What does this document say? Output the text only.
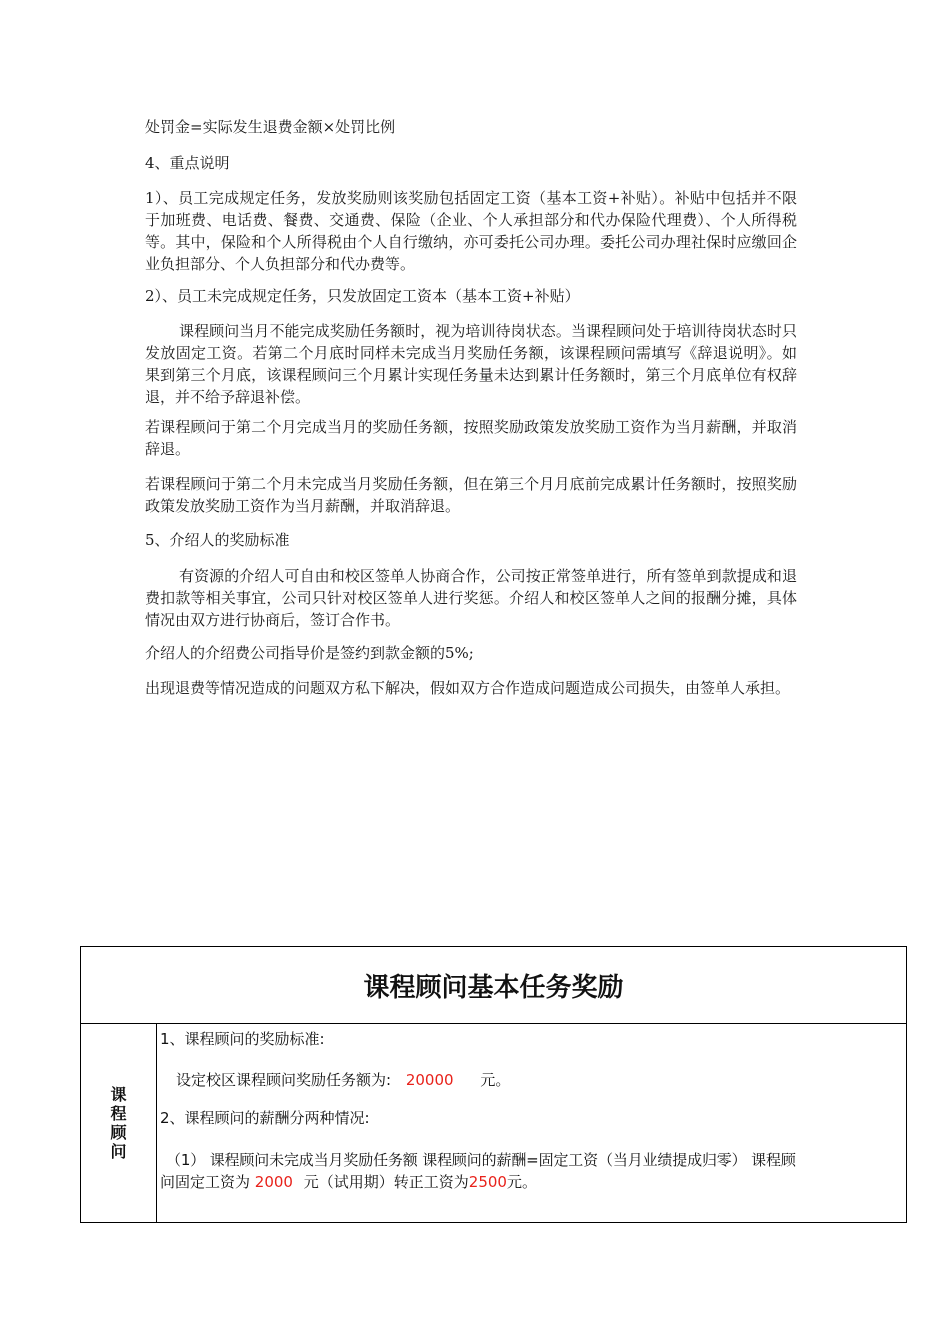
处罚金=实际发生退费金额×处罚比例

4、重点说明

1）、员工完成规定任务，发放奖励则该奖励包括固定工资（基本工资+补贴）。补贴中包括并不限于加班费、电话费、餐费、交通费、保险（企业、个人承担部分和代办保险代理费）、个人所得税等。其中，保险和个人所得税由个人自行缴纳，亦可委托公司办理。委托公司办理社保时应缴回企业负担部分、个人负担部分和代办费等。

2）、员工未完成规定任务，只发放固定工资本（基本工资+补贴）

课程顾问当月不能完成奖励任务额时，视为培训待岗状态。当课程顾问处于培训待岗状态时只发放固定工资。若第二个月底时同样未完成当月奖励任务额，该课程顾问需填写《辞退说明》。如果到第三个月底，该课程顾问三个月累计实现任务量未达到累计任务额时，第三个月底单位有权辞退，并不给予辞退补偿。

若课程顾问于第二个月完成当月的奖励任务额，按照奖励政策发放奖励工资作为当月薪酬，并取消辞退。

若课程顾问于第二个月未完成当月奖励任务额，但在第三个月月底前完成累计任务额时，按照奖励政策发放奖励工资作为当月薪酬，并取消辞退。

5、介绍人的奖励标准

有资源的介绍人可自由和校区签单人协商合作，公司按正常签单进行，所有签单到款提成和退费扣款等相关事宜，公司只针对校区签单人进行奖惩。介绍人和校区签单人之间的报酬分摊，具体情况由双方进行协商后，签订合作书。

介绍人的介绍费公司指导价是签约到款金额的5%;

出现退费等情况造成的问题双方私下解决，假如双方合作造成问题造成公司损失，由签单人承担。

课程顾问基本任务奖励
课程顾问
1、课程顾问的奖励标准:
设定校区课程顾问奖励任务额为: 20000 元。
2、课程顾问的薪酬分两种情况:
（1） 课程顾问未完成当月奖励任务额 课程顾问的薪酬=固定工资（当月业绩提成归零） 课程顾
问固定工资为 2000 元（试用期）转正工资为2500元。
